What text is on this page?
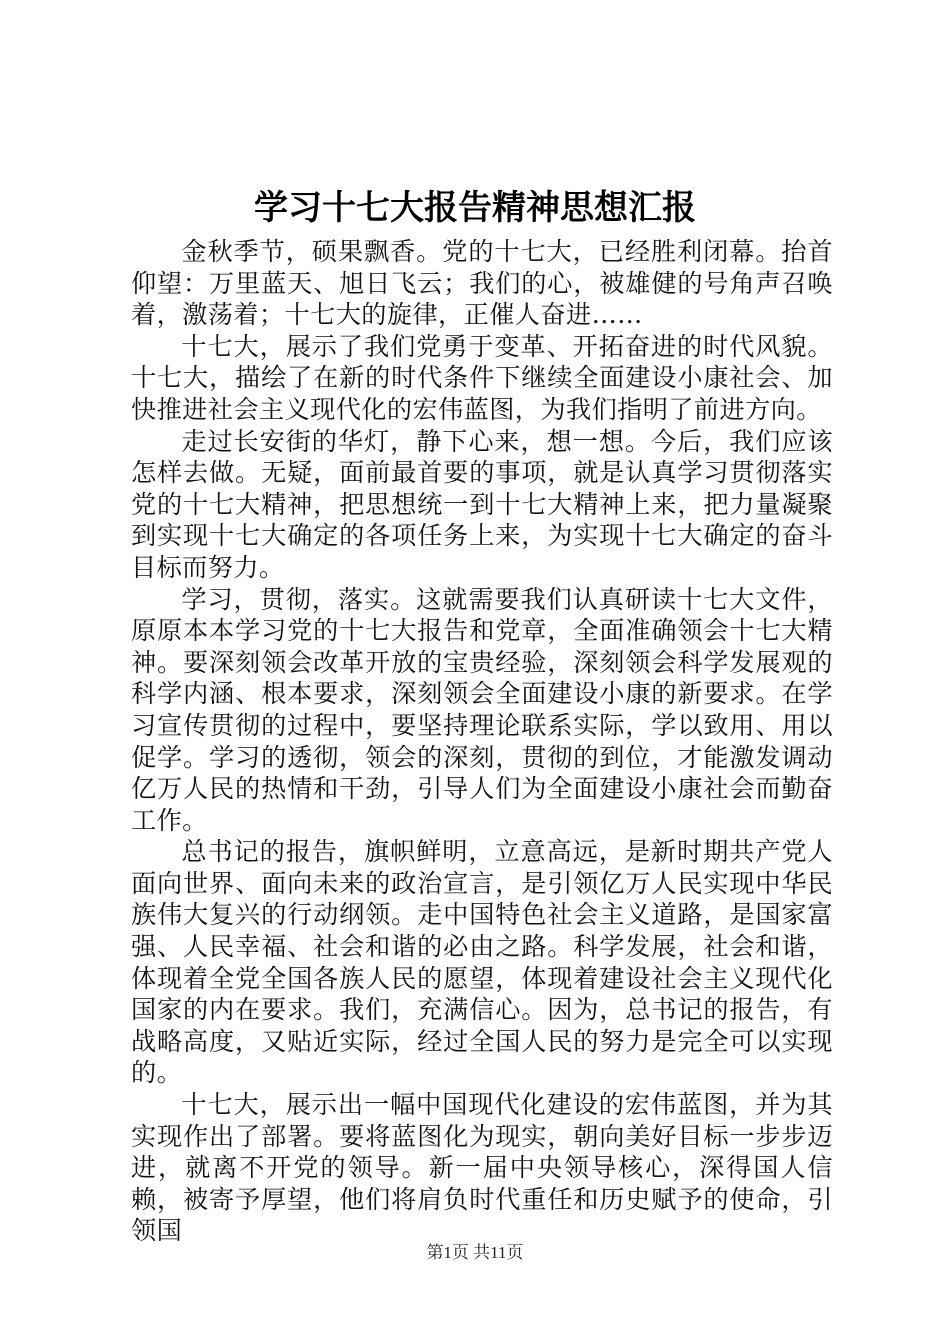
学习十七大报告精神思想汇报

金秋季节，硕果飘香。党的十七大，已经胜利闭幕。抬首仰望：万里蓝天、旭日飞云；我们的心，被雄健的号角声召唤着，激荡着；十七大的旋律，正催人奋进……

十七大，展示了我们党勇于变革、开拓奋进的时代风貌。十七大，描绘了在新的时代条件下继续全面建设小康社会、加快推进社会主义现代化的宏伟蓝图，为我们指明了前进方向。

走过长安街的华灯，静下心来，想一想。今后，我们应该怎样去做。无疑，面前最首要的事项，就是认真学习贯彻落实党的十七大精神，把思想统一到十七大精神上来，把力量凝聚到实现十七大确定的各项任务上来，为实现十七大确定的奋斗目标而努力。

学习，贯彻，落实。这就需要我们认真研读十七大文件，原原本本学习党的十七大报告和党章，全面准确领会十七大精神。要深刻领会改革开放的宝贵经验，深刻领会科学发展观的科学内涵、根本要求，深刻领会全面建设小康的新要求。在学习宣传贯彻的过程中，要坚持理论联系实际，学以致用、用以促学。学习的透彻，领会的深刻，贯彻的到位，才能激发调动亿万人民的热情和干劲，引导人们为全面建设小康社会而勤奋工作。

总书记的报告，旗帜鲜明，立意高远，是新时期共产党人面向世界、面向未来的政治宣言，是引领亿万人民实现中华民族伟大复兴的行动纲领。走中国特色社会主义道路，是国家富强、人民幸福、社会和谐的必由之路。科学发展，社会和谐，体现着全党全国各族人民的愿望，体现着建设社会主义现代化国家的内在要求。我们，充满信心。因为，总书记的报告，有战略高度，又贴近实际，经过全国人民的努力是完全可以实现的。

十七大，展示出一幅中国现代化建设的宏伟蓝图，并为其实现作出了部署。要将蓝图化为现实，朝向美好目标一步步迈进，就离不开党的领导。新一届中央领导核心，深得国人信赖，被寄予厚望，他们将肩负时代重任和历史赋予的使命，引领国

第1页 共11页
